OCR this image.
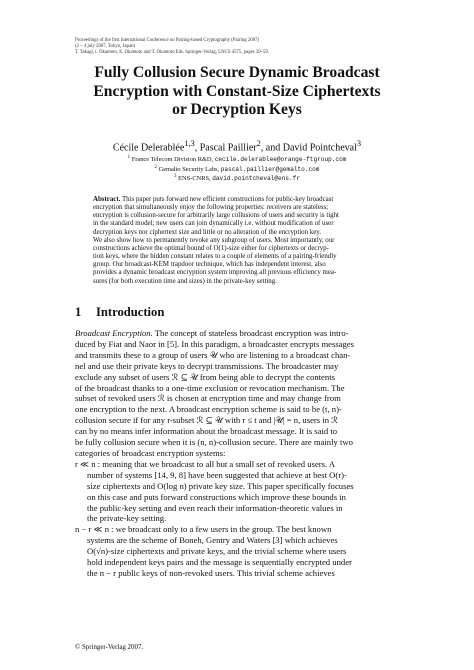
Proceedings of the first International Conference on Pairing-based Cryptography (Pairing 2007)
(2 – 4 july 2007, Tokyo, Japan)
T. Takagi, t. Okamoto, E. Okamoto and T. Okamoto Eds. Springer-Verlag, LNCS 4575, pages 39–59.
Fully Collusion Secure Dynamic Broadcast
Encryption with Constant-Size Ciphertexts
or Decryption Keys
Cécile Delerablée$^{1,3}$, Pascal Paillier$^2$, and David Pointcheval$^3$
$^1$ France Telecom Division R&D, cecile.delerablee@orange-ftgroup.com
$^2$ Gemalto Security Labs, pascal.paillier@gemalto.com
$^3$ ENS-CNRS, david.pointcheval@ens.fr
Abstract. This paper puts forward new efficient constructions for public-key broadcast
encryption that simultaneously enjoy the following properties: receivers are stateless;
encryption is collusion-secure for arbitrarily large collusions of users and security is tight
in the standard model; new users can join dynamically i.e. without modification of user
decryption keys nor ciphertext size and little or no alteration of the encryption key.
We also show how to permanently revoke any subgroup of users. Most importantly, our
constructions achieve the optimal bound of O(1)-size either for ciphertexts or decryp-
tion keys, where the hidden constant relates to a couple of elements of a pairing-friendly
group. Our broadcast-KEM trapdoor technique, which has independent interest, also
provides a dynamic broadcast encryption system improving all previous efficiency mea-
sures (for both execution time and sizes) in the private-key setting.
1 Introduction
Broadcast Encryption. The concept of stateless broadcast encryption was intro-
duced by Fiat and Naor in [5]. In this paradigm, a broadcaster encrypts messages
and transmits these to a group of users 𝒰 who are listening to a broadcast chan-
nel and use their private keys to decrypt transmissions. The broadcaster may
exclude any subset of users ℛ ⊆ 𝒰 from being able to decrypt the contents
of the broadcast thanks to a one-time exclusion or revocation mechanism. The
subset of revoked users ℛ is chosen at encryption time and may change from
one encryption to the next. A broadcast encryption scheme is said to be (t, n)-
collusion secure if for any r-subset ℛ ⊆ 𝒰 with r ≤ t and |𝒰| = n, users in ℛ
can by no means infer information about the broadcast message. It is said to
be fully collusion secure when it is (n, n)-collusion secure. There are mainly two
categories of broadcast encryption systems:
r ≪ n : meaning that we broadcast to all but a small set of revoked users. A
number of systems [14, 9, 8] have been suggested that achieve at best O(r)-
size ciphertexts and O(log n) private key size. This paper specifically focuses
on this case and puts forward constructions which improve these bounds in
the public-key setting and even reach their information-theoretic values in
the private-key setting.
n − r ≪ n : we broadcast only to a few users in the group. The best known
systems are the scheme of Boneh, Gentry and Waters [3] which achieves
O(√n)-size ciphertexts and private keys, and the trivial scheme where users
hold independent keys pairs and the message is sequentially encrypted under
the n − r public keys of non-revoked users. This trivial scheme achieves
© Springer-Verlag 2007.
